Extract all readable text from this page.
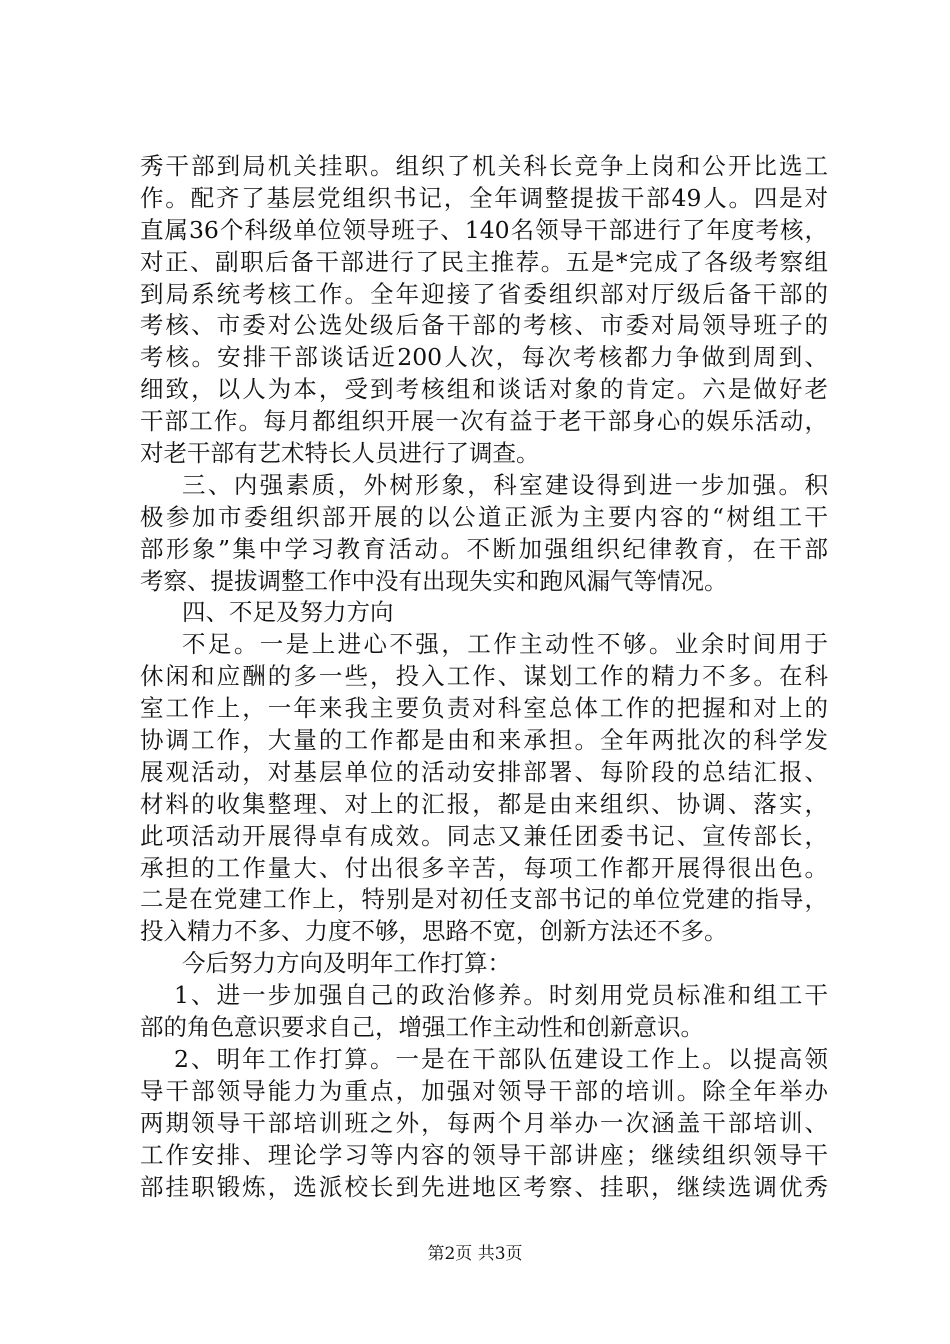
秀干部到局机关挂职。组织了机关科长竞争上岗和公开比选工
作。配齐了基层党组织书记，全年调整提拔干部49人。四是对
直属36个科级单位领导班子、140名领导干部进行了年度考核，
对正、副职后备干部进行了民主推荐。五是*完成了各级考察组
到局系统考核工作。全年迎接了省委组织部对厅级后备干部的
考核、市委对公选处级后备干部的考核、市委对局领导班子的
考核。安排干部谈话近200人次，每次考核都力争做到周到、
细致，以人为本，受到考核组和谈话对象的肯定。六是做好老
干部工作。每月都组织开展一次有益于老干部身心的娱乐活动，
对老干部有艺术特长人员进行了调查。
三、内强素质，外树形象，科室建设得到进一步加强。积
极参加市委组织部开展的以公道正派为主要内容的“树组工干
部形象”集中学习教育活动。不断加强组织纪律教育，在干部
考察、提拔调整工作中没有出现失实和跑风漏气等情况。
四、不足及努力方向
不足。一是上进心不强，工作主动性不够。业余时间用于
休闲和应酬的多一些，投入工作、谋划工作的精力不多。在科
室工作上，一年来我主要负责对科室总体工作的把握和对上的
协调工作，大量的工作都是由和来承担。全年两批次的科学发
展观活动，对基层单位的活动安排部署、每阶段的总结汇报、
材料的收集整理、对上的汇报，都是由来组织、协调、落实，
此项活动开展得卓有成效。同志又兼任团委书记、宣传部长，
承担的工作量大、付出很多辛苦，每项工作都开展得很出色。
二是在党建工作上，特别是对初任支部书记的单位党建的指导，
投入精力不多、力度不够，思路不宽，创新方法还不多。
今后努力方向及明年工作打算：
1、进一步加强自己的政治修养。时刻用党员标准和组工干
部的角色意识要求自己，增强工作主动性和创新意识。
2、明年工作打算。一是在干部队伍建设工作上。以提高领
导干部领导能力为重点，加强对领导干部的培训。除全年举办
两期领导干部培训班之外，每两个月举办一次涵盖干部培训、
工作安排、理论学习等内容的领导干部讲座；继续组织领导干
部挂职锻炼，选派校长到先进地区考察、挂职，继续选调优秀
第2页 共3页
